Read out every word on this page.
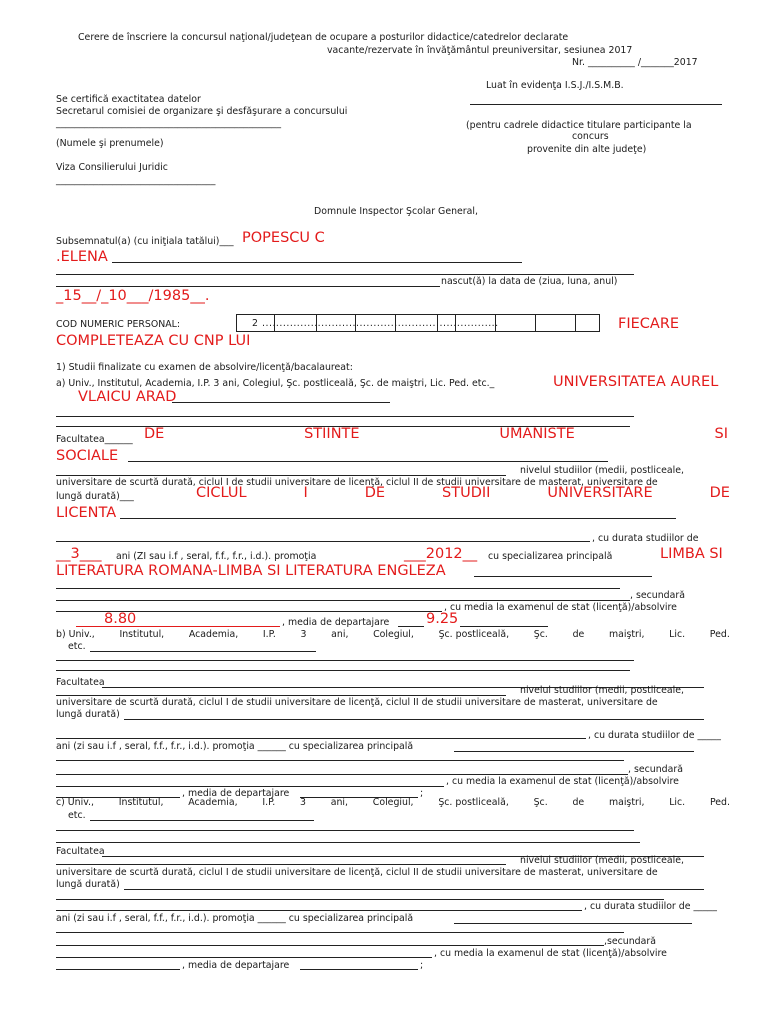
Cerere de înscriere la concursul naţional/judeţean de ocupare a posturilor didactice/catedrelor declarate
vacante/rezervate în învăţământul preuniversitar, sesiunea 2017
Nr. __________ /_______2017
Luat în evidenţa I.S.J./I.S.M.B.
Se certifică exactitatea datelor
Secretarul comisiei de organizare şi desfăşurare a concursului
________________________________________________	(pentru cadrele didactice titulare participante la
concurs
provenite din alte judeţe)
(Numele şi prenumele)
Viza Consilierului Juridic
__________________________________
Domnule Inspector Şcolar General,
Subsemnatul(a) (cu iniţiala tatălui)___ POPESCU C
.ELENA
nascut(ă) la data de (ziua, luna, anul)
_15__/_10___/1985__.
COD NUMERIC PERSONAL:	2 ....................................................................	FIECARE
COMPLETEAZA CU CNP LUI
1) Studii finalizate cu examen de absolvire/licenţă/bacalaureat:
a) Univ., Institutul, Academia, I.P. 3 ani, Colegiul, Şc. postliceală, Şc. de maiştri, Lic. Ped. etc._	UNIVERSITATEA AUREL
VLAICU ARAD
Facultatea______ DE	STIINTE	UMANISTE	SI
SOCIALE
nivelul studiilor (medii, postliceale,
universitare de scurtă durată, ciclul I de studii universitare de licenţă, ciclul II de studii universitare de masterat, universitare de
lungă durată)___	CICLUL	I	DE	STUDII	UNIVERSITARE	DE
LICENTA
, cu durata studiilor de
__3___ ani (ZI sau i.f , seral, f.f., f.r., i.d.). promoţia	___2012__ cu specializarea principală	LIMBA SI
LITERATURA ROMANA-LIMBA SI LITERATURA ENGLEZA
, secundară
, cu media la examenul de stat (licenţă)/absolvire
8.80	, media de departajare	9.25
b) Univ.,	Institutul,	Academia,	I.P.	3	ani,	Colegiul,	Şc. postliceală,	Şc.	de	maiştri,	Lic.	Ped.
etc.
Facultatea
nivelul studiilor (medii, postliceale,
universitare de scurtă durată, ciclul I de studii universitare de licenţă, ciclul II de studii universitare de masterat, universitare de
lungă durată)
, cu durata studiilor de _____
ani (zi sau i.f , seral, f.f., f.r., i.d.). promoţia ______ cu specializarea principală
, secundară
, cu media la examenul de stat (licenţă)/absolvire
, media de departajare	;
c) Univ.,	Institutul,	Academia,	I.P.	3	ani,	Colegiul,	Şc. postliceală,	Şc.	de	maiştri,	Lic.	Ped.
etc.
Facultatea
nivelul studiilor (medii, postliceale,
universitare de scurtă durată, ciclul I de studii universitare de licenţă, ciclul II de studii universitare de masterat, universitare de
lungă durată)
, cu durata studiilor de _____
ani (zi sau i.f , seral, f.f., f.r., i.d.). promoţia ______ cu specializarea principală
,secundară
, cu media la examenul de stat (licenţă)/absolvire
, media de departajare	;
